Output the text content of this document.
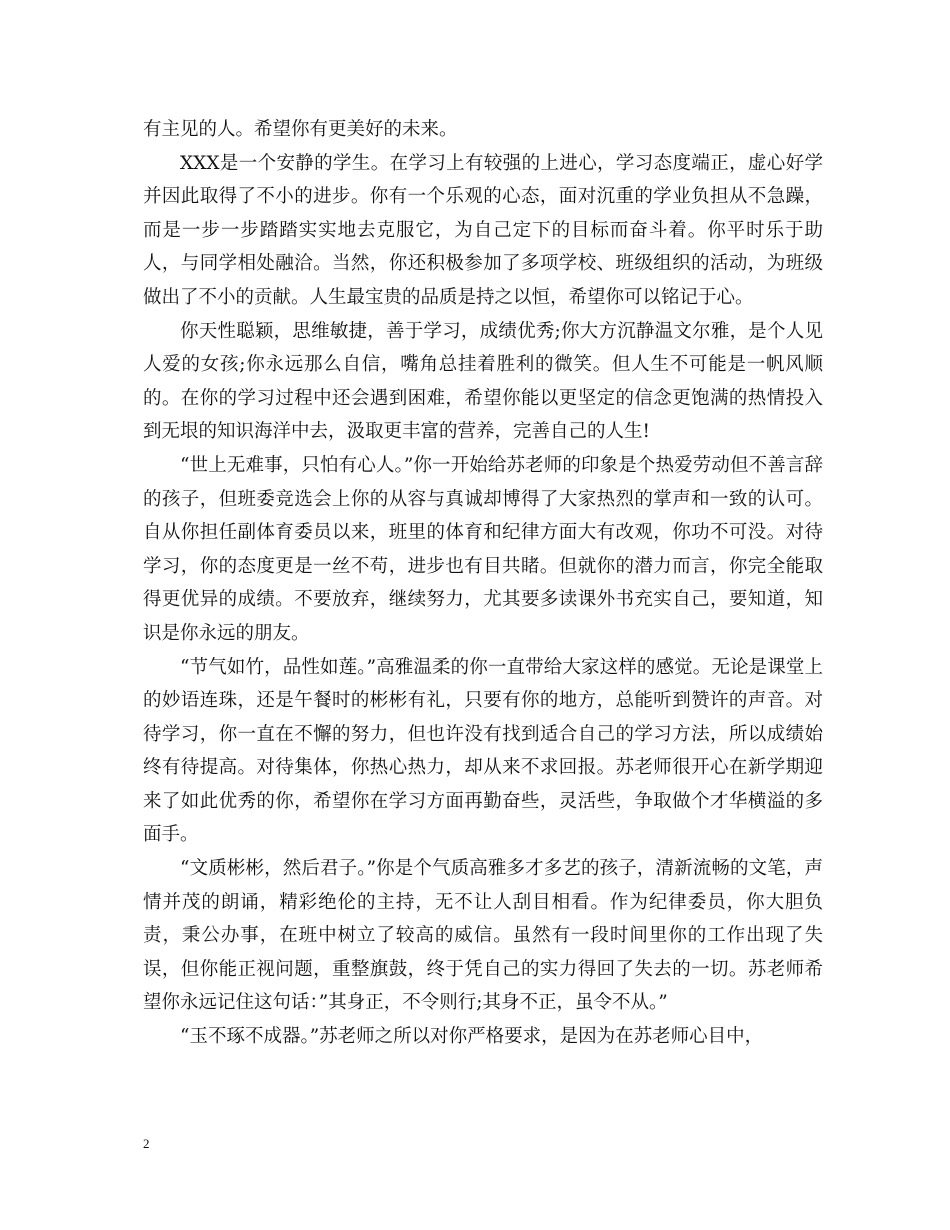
有主见的人。希望你有更美好的未来。

XXX是一个安静的学生。在学习上有较强的上进心，学习态度端正，虚心好学并因此取得了不小的进步。你有一个乐观的心态，面对沉重的学业负担从不急躁，而是一步一步踏踏实实地去克服它，为自己定下的目标而奋斗着。你平时乐于助人，与同学相处融洽。当然，你还积极参加了多项学校、班级组织的活动，为班级做出了不小的贡献。人生最宝贵的品质是持之以恒，希望你可以铭记于心。

你天性聪颖，思维敏捷，善于学习，成绩优秀;你大方沉静温文尔雅，是个人见人爱的女孩;你永远那么自信，嘴角总挂着胜利的微笑。但人生不可能是一帆风顺的。在你的学习过程中还会遇到困难，希望你能以更坚定的信念更饱满的热情投入到无垠的知识海洋中去，汲取更丰富的营养，完善自己的人生!

“世上无难事，只怕有心人。”你一开始给苏老师的印象是个热爱劳动但不善言辞的孩子，但班委竞选会上你的从容与真诚却博得了大家热烈的掌声和一致的认可。自从你担任副体育委员以来，班里的体育和纪律方面大有改观，你功不可没。对待学习，你的态度更是一丝不苟，进步也有目共睹。但就你的潜力而言，你完全能取得更优异的成绩。不要放弃，继续努力，尤其要多读课外书充实自己，要知道，知识是你永远的朋友。

“节气如竹，品性如莲。”高雅温柔的你一直带给大家这样的感觉。无论是课堂上的妙语连珠，还是午餐时的彬彬有礼，只要有你的地方，总能听到赞许的声音。对待学习，你一直在不懈的努力，但也许没有找到适合自己的学习方法，所以成绩始终有待提高。对待集体，你热心热力，却从来不求回报。苏老师很开心在新学期迎来了如此优秀的你，希望你在学习方面再勤奋些，灵活些，争取做个才华横溢的多面手。

“文质彬彬，然后君子。”你是个气质高雅多才多艺的孩子，清新流畅的文笔，声情并茂的朗诵，精彩绝伦的主持，无不让人刮目相看。作为纪律委员，你大胆负责，秉公办事，在班中树立了较高的威信。虽然有一段时间里你的工作出现了失误，但你能正视问题，重整旗鼓，终于凭自己的实力得回了失去的一切。苏老师希望你永远记住这句话：”其身正，不令则行;其身不正，虽令不从。”

“玉不琢不成器。”苏老师之所以对你严格要求，是因为在苏老师心目中，

2
